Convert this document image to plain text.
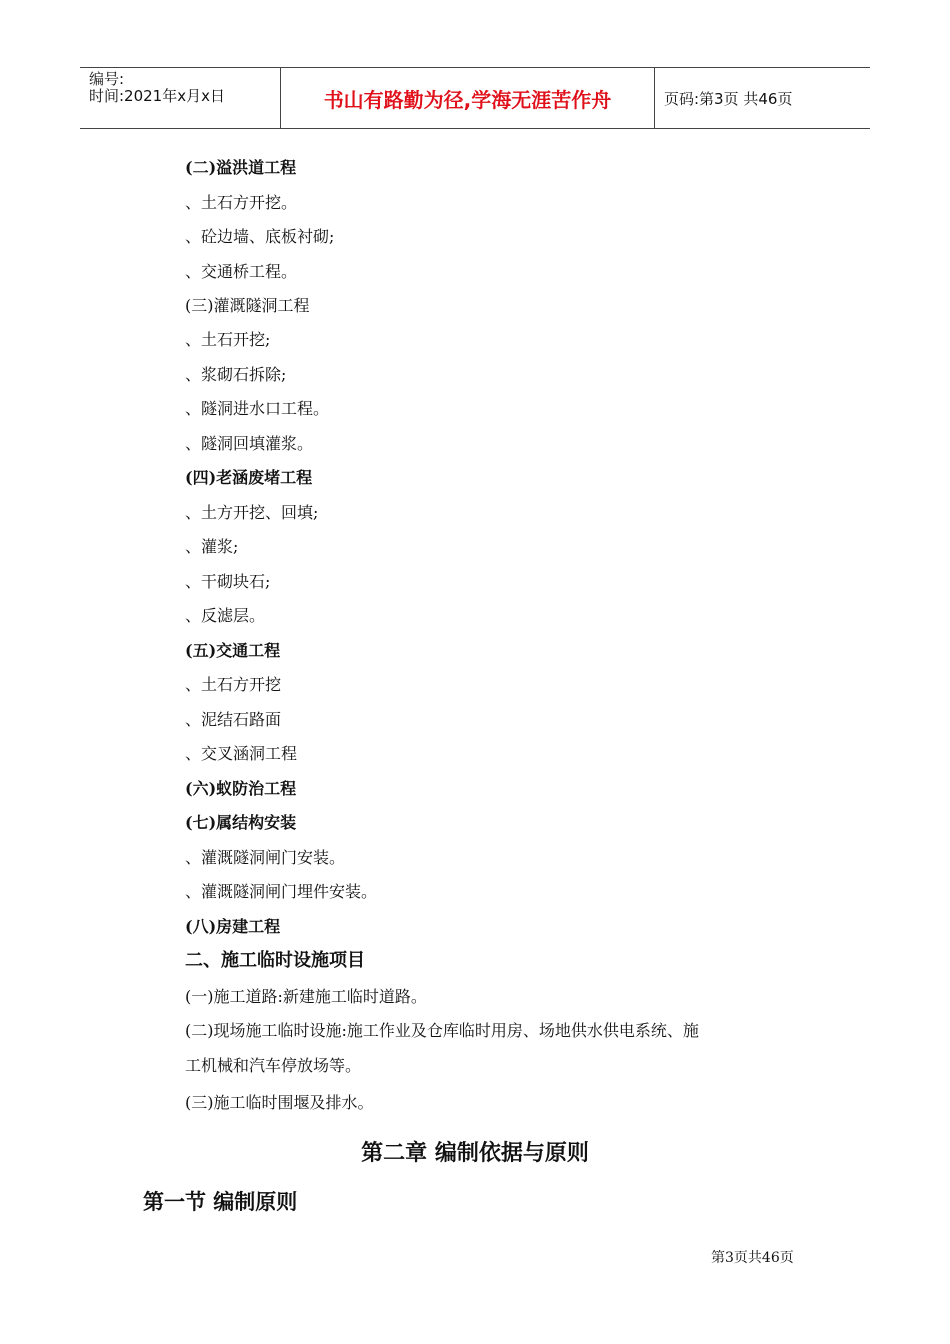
编号:
时间:2021年x月x日	书山有路勤为径,学海无涯苦作舟	页码:第3页 共46页
(二)溢洪道工程
、土石方开挖。
、砼边墙、底板衬砌;
、交通桥工程。
(三)灌溉隧洞工程
、土石开挖;
、浆砌石拆除;
、隧洞进水口工程。
、隧洞回填灌浆。
(四)老涵废堵工程
、土方开挖、回填;
、灌浆;
、干砌块石;
、反滤层。
(五)交通工程
、土石方开挖
、泥结石路面
、交叉涵洞工程
(六)蚁防治工程
(七)属结构安装
、灌溉隧洞闸门安装。
、灌溉隧洞闸门埋件安装。
(八)房建工程
二、施工临时设施项目
(一)施工道路:新建施工临时道路。
(二)现场施工临时设施:施工作业及仓库临时用房、场地供水供电系统、施
工机械和汽车停放场等。
(三)施工临时围堰及排水。
第二章 编制依据与原则
第一节 编制原则
第3页共46页
